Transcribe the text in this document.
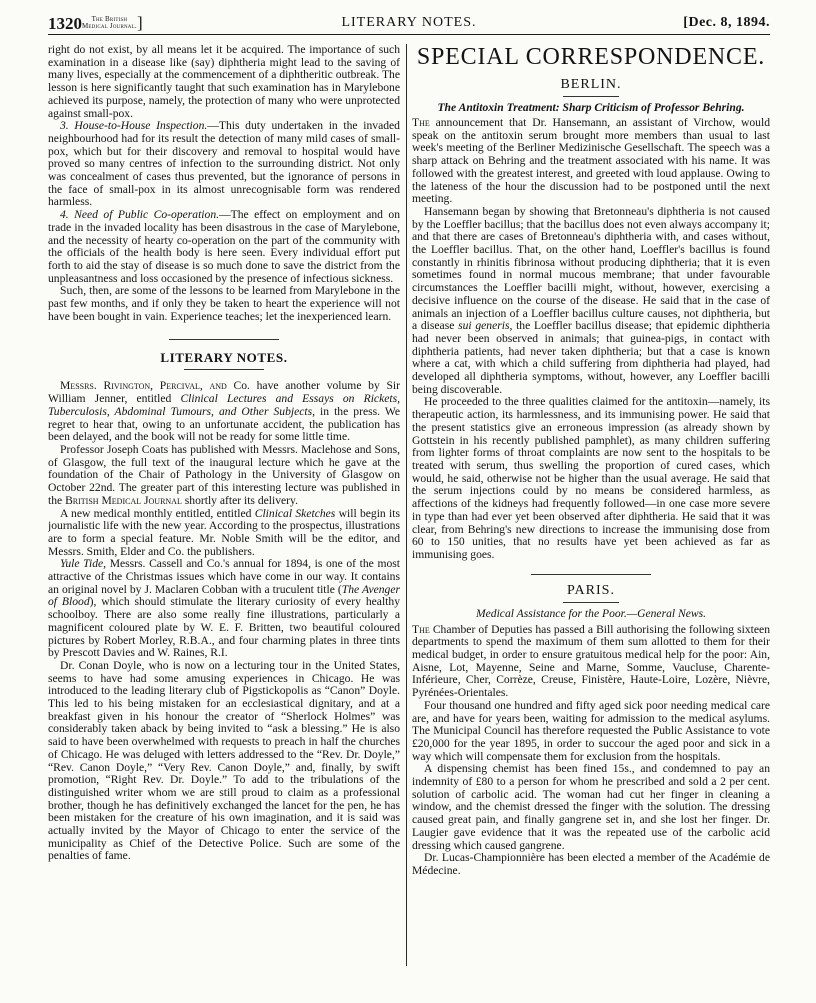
1320	The British
Medical Journal. ]	LITERARY NOTES.	[Dec. 8, 1894.

right do not exist, by all means let it be acquired. The importance of such examination in a disease like (say) diphtheria might lead to the saving of many lives, especially at the commencement of a diphtheritic outbreak. The lesson is here significantly taught that such examination has in Marylebone achieved its purpose, namely, the protection of many who were unprotected against small-pox.

3. House-to-House Inspection.—This duty undertaken in the invaded neighbourhood had for its result the detection of many mild cases of small-pox, which but for their discovery and removal to hospital would have proved so many centres of infection to the surrounding district. Not only was concealment of cases thus prevented, but the ignorance of persons in the face of small-pox in its almost unrecognisable form was rendered harmless.

4. Need of Public Co-operation.—The effect on employment and on trade in the invaded locality has been disastrous in the case of Marylebone, and the necessity of hearty co-operation on the part of the community with the officials of the health body is here seen. Every individual effort put forth to aid the stay of disease is so much done to save the district from the unpleasantness and loss occasioned by the presence of infectious sickness.

Such, then, are some of the lessons to be learned from Marylebone in the past few months, and if only they be taken to heart the experience will not have been bought in vain. Experience teaches; let the inexperienced learn.

LITERARY NOTES.

Messrs. Rivington, Percival, and Co. have another volume by Sir William Jenner, entitled Clinical Lectures and Essays on Rickets, Tuberculosis, Abdominal Tumours, and Other Subjects, in the press. We regret to hear that, owing to an unfortunate accident, the publication has been delayed, and the book will not be ready for some little time.

Professor Joseph Coats has published with Messrs. Maclehose and Sons, of Glasgow, the full text of the inaugural lecture which he gave at the foundation of the Chair of Pathology in the University of Glasgow on October 22nd. The greater part of this interesting lecture was published in the British Medical Journal shortly after its delivery.

A new medical monthly entitled, entitled Clinical Sketches will begin its journalistic life with the new year. According to the prospectus, illustrations are to form a special feature. Mr. Noble Smith will be the editor, and Messrs. Smith, Elder and Co. the publishers.

Yule Tide, Messrs. Cassell and Co.'s annual for 1894, is one of the most attractive of the Christmas issues which have come in our way. It contains an original novel by J. Maclaren Cobban with a truculent title (The Avenger of Blood), which should stimulate the literary curiosity of every healthy schoolboy. There are also some really fine illustrations, particularly a magnificent coloured plate by W. E. F. Britten, two beautiful coloured pictures by Robert Morley, R.B.A., and four charming plates in three tints by Prescott Davies and W. Raines, R.I.

Dr. Conan Doyle, who is now on a lecturing tour in the United States, seems to have had some amusing experiences in Chicago. He was introduced to the leading literary club of Pigstickopolis as “Canon” Doyle. This led to his being mistaken for an ecclesiastical dignitary, and at a breakfast given in his honour the creator of “Sherlock Holmes” was considerably taken aback by being invited to “ask a blessing.” He is also said to have been overwhelmed with requests to preach in half the churches of Chicago. He was deluged with letters addressed to the “Rev. Dr. Doyle,” “Rev. Canon Doyle,” “Very Rev. Canon Doyle,” and, finally, by swift promotion, “Right Rev. Dr. Doyle.” To add to the tribulations of the distinguished writer whom we are still proud to claim as a professional brother, though he has definitively exchanged the lancet for the pen, he has been mistaken for the creature of his own imagination, and it is said was actually invited by the Mayor of Chicago to enter the service of the municipality as Chief of the Detective Police. Such are some of the penalties of fame.

SPECIAL CORRESPONDENCE.
BERLIN.
The Antitoxin Treatment: Sharp Criticism of Professor Behring.

The announcement that Dr. Hansemann, an assistant of Virchow, would speak on the antitoxin serum brought more members than usual to last week's meeting of the Berliner Medizinische Gesellschaft. The speech was a sharp attack on Behring and the treatment associated with his name. It was followed with the greatest interest, and greeted with loud applause. Owing to the lateness of the hour the discussion had to be postponed until the next meeting.

Hansemann began by showing that Bretonneau's diphtheria is not caused by the Loeffler bacillus; that the bacillus does not even always accompany it; and that there are cases of Bretonneau's diphtheria with, and cases without, the Loeffler bacillus. That, on the other hand, Loeffler's bacillus is found constantly in rhinitis fibrinosa without producing diphtheria; that it is even sometimes found in normal mucous membrane; that under favourable circumstances the Loeffler bacilli might, without, however, exercising a decisive influence on the course of the disease. He said that in the case of animals an injection of a Loeffler bacillus culture causes, not diphtheria, but a disease sui generis, the Loeffler bacillus disease; that epidemic diphtheria had never been observed in animals; that guinea-pigs, in contact with diphtheria patients, had never taken diphtheria; but that a case is known where a cat, with which a child suffering from diphtheria had played, had developed all diphtheria symptoms, without, however, any Loeffler bacilli being discoverable.

He proceeded to the three qualities claimed for the antitoxin—namely, its therapeutic action, its harmlessness, and its immunising power. He said that the present statistics give an erroneous impression (as already shown by Gottstein in his recently published pamphlet), as many children suffering from lighter forms of throat complaints are now sent to the hospitals to be treated with serum, thus swelling the proportion of cured cases, which would, he said, otherwise not be higher than the usual average. He said that the serum injections could by no means be considered harmless, as affections of the kidneys had frequently followed—in one case more severe in type than had ever yet been observed after diphtheria. He said that it was clear, from Behring's new directions to increase the immunising dose from 60 to 150 unities, that no results have yet been achieved as far as immunising goes.

PARIS.
Medical Assistance for the Poor.—General News.

The Chamber of Deputies has passed a Bill authorising the following sixteen departments to spend the maximum of them sum allotted to them for their medical budget, in order to ensure gratuitous medical help for the poor: Ain, Aisne, Lot, Mayenne, Seine and Marne, Somme, Vaucluse, Charente-Inférieure, Cher, Corrèze, Creuse, Finistère, Haute-Loire, Lozère, Nièvre, Pyrénées-Orientales.

Four thousand one hundred and fifty aged sick poor needing medical care are, and have for years been, waiting for admission to the medical asylums. The Municipal Council has therefore requested the Public Assistance to vote £20,000 for the year 1895, in order to succour the aged poor and sick in a way which will compensate them for exclusion from the hospitals.

A dispensing chemist has been fined 15s., and condemned to pay an indemnity of £80 to a person for whom he prescribed and sold a 2 per cent. solution of carbolic acid. The woman had cut her finger in cleaning a window, and the chemist dressed the finger with the solution. The dressing caused great pain, and finally gangrene set in, and she lost her finger. Dr. Laugier gave evidence that it was the repeated use of the carbolic acid dressing which caused gangrene.

Dr. Lucas-Championnière has been elected a member of the Académie de Médecine.
